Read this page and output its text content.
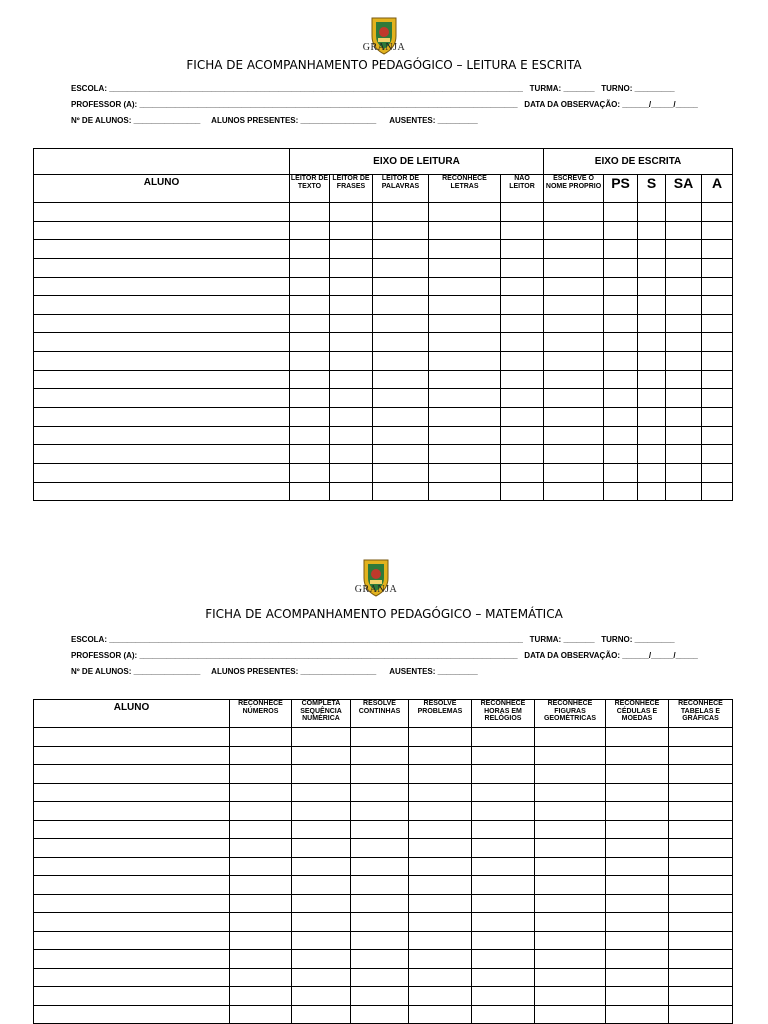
GRANJA
FICHA DE ACOMPANHAMENTO PEDAGÓGICO – LEITURA E ESCRITA
ESCOLA: _____________________________________________________________________________________________   TURMA: _______   TURNO: _________
PROFESSOR (A): _____________________________________________________________________________________   DATA DA OBSERVAÇÃO: ______/_____/_____
Nº DE ALUNOS: _______________     ALUNOS PRESENTES: _________________      AUSENTES: _________
	EIXO DE LEITURA					EIXO DE ESCRITA				
ALUNO	LEITOR DE TEXTO	LEITOR DE FRASES	LEITOR DE PALAVRAS	RECONHECE LETRAS	NÃO LEITOR	ESCREVE O NOME PROPRIO	PS	S	SA	A

GRANJA
FICHA DE ACOMPANHAMENTO PEDAGÓGICO – MATEMÁTICA
ESCOLA: _____________________________________________________________________________________________   TURMA: _______   TURNO: _________
PROFESSOR (A): _____________________________________________________________________________________   DATA DA OBSERVAÇÃO: ______/_____/_____
Nº DE ALUNOS: _______________     ALUNOS PRESENTES: _________________      AUSENTES: _________
ALUNO	RECONHECE NÚMEROS	COMPLETA SEQUÊNCIA NUMÉRICA	RESOLVE CONTINHAS	RESOLVE PROBLEMAS	RECONHECE HORAS EM RELÓGIOS	RECONHECE FIGURAS GEOMÉTRICAS	RECONHECE CÉDULAS E MOEDAS	RECONHECE TABELAS E GRÁFICAS
